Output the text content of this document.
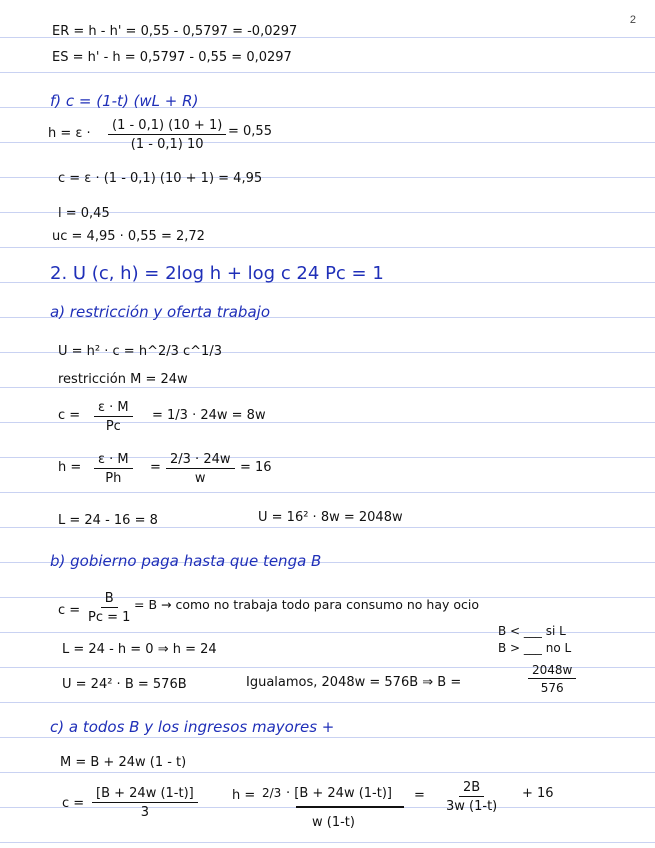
2
ER = h - h' = 0,55 - 0,5797 = -0,0297
ES = h' - h = 0,5797 - 0,55 = 0,0297
f) c = (1-t) (wL + R)
$h = \varepsilon \cdot \frac{(1 - 0,1) (10 + 1)}{(1 - 0,1) 10} = 0,55$
c = ε · (1 - 0,1) (10 + 1) = 4,95
l = 0,45
uc = 4,95 · 0,55 = 2,72
2. U (c, h) = 2log h + log c 24 Pc = 1
a) restricción y oferta trabajo
U = h² · c = h^2/3 c^1/3
restricción M = 24w
$c = \frac{\varepsilon \cdot M}{Pc} = 1/3 \cdot 24w = 8w$
$h = \frac{\varepsilon \cdot M}{Ph} = \frac{2/3 \cdot 24w}{w} = 16$
L = 24 - 16 = 8	U = 16² · 8w = 2048w
b) gobierno paga hasta que tenga B
$c = \frac{B}{Pc = 1} = B$ → como no trabaja todo para consumo no hay ocio
B < ___ si L
B > ___ no L
L = 24 - h = 0 ⇒ h = 24
U = 24² · B = 576B	Igualamos, 2048w = 576B ⇒ B =	$\frac{2048w}{576}$
c) a todos B y los ingresos mayores +
M = B + 24w (1 - t)
$c = \frac{[B + 24w (1-t)]}{3}$	h = 2/3 · [B + 24w (1-t)]
w (1-t)
= $\frac{2B}{3w (1-t)} + 16$
